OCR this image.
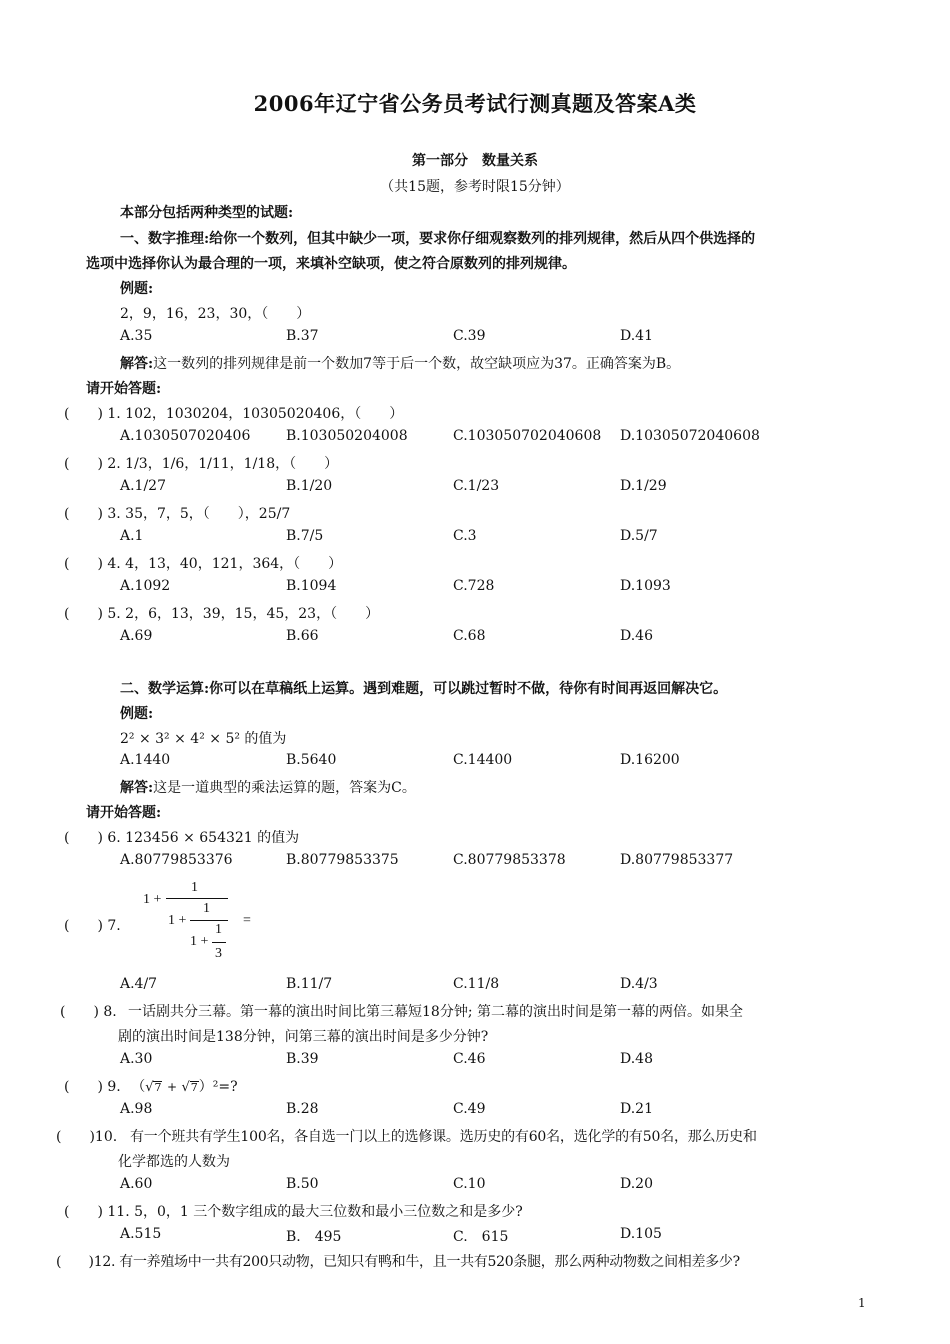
2006年辽宁省公务员考试行测真题及答案A类
第一部分　数量关系
（共15题，参考时限15分钟）
本部分包括两种类型的试题:
一、数字推理:给你一个数列，但其中缺少一项，要求你仔细观察数列的排列规律，然后从四个供选择的
选项中选择你认为最合理的一项，来填补空缺项，使之符合原数列的排列规律。
例题:
2，9，16，23，30，（　　）
A.35	B.37	C.39	D.41
解答:这一数列的排列规律是前一个数加7等于后一个数，故空缺项应为37。正确答案为B。
请开始答题:
(　　) 1. 102，1030204，10305020406，（　　）
A.1030507020406	B.103050204008	C.103050702040608 D.10305072040608
(　　) 2. 1/3，1/6，1/11，1/18，（　　）
A.1/27	B.1/20	C.1/23	D.1/29
(　　) 3. 35，7，5，（　　），25/7
A.1	B.7/5	C.3	D.5/7
(　　) 4. 4，13，40，121，364，（　　）
A.1092	B.1094	C.728	D.1093
(　　) 5. 2，6，13，39，15，45，23，（　　）
A.69	B.66	C.68	D.46
二、数学运算:你可以在草稿纸上运算。遇到难题，可以跳过暂时不做，待你有时间再返回解决它。
例题:
2² × 3² × 4² × 5² 的值为
A.1440	B.5640	C.14400	D.16200
解答:这是一道典型的乘法运算的题，答案为C。
请开始答题:
(　　) 6. 123456 × 654321 的值为
A.80779853376	B.80779853375	C.80779853378	D.80779853377
(　　) 7.
1
1 +
1
1 +
1
1 +
3
=
A.4/7	B.11/7	C.11/8	D.4/3
(　　) 8. 一话剧共分三幕。第一幕的演出时间比第三幕短18分钟; 第二幕的演出时间是第一幕的两倍。如果全
剧的演出时间是138分钟，问第三幕的演出时间是多少分钟?
A.30	B.39	C.46	D.48
(　　) 9. （√7 + √7）²=?
A.98	B.28	C.49	D.21
(　　)10. 有一个班共有学生100名，各自选一门以上的选修课。选历史的有60名，选化学的有50名，那么历史和
化学都选的人数为
A.60	B.50	C.10	D.20
(　　) 11. 5，0，1 三个数字组成的最大三位数和最小三位数之和是多少?
A.515	B.　495	C.　615	D.105
(　　)12. 有一养殖场中一共有200只动物，已知只有鸭和牛，且一共有520条腿，那么两种动物数之间相差多少?
1
